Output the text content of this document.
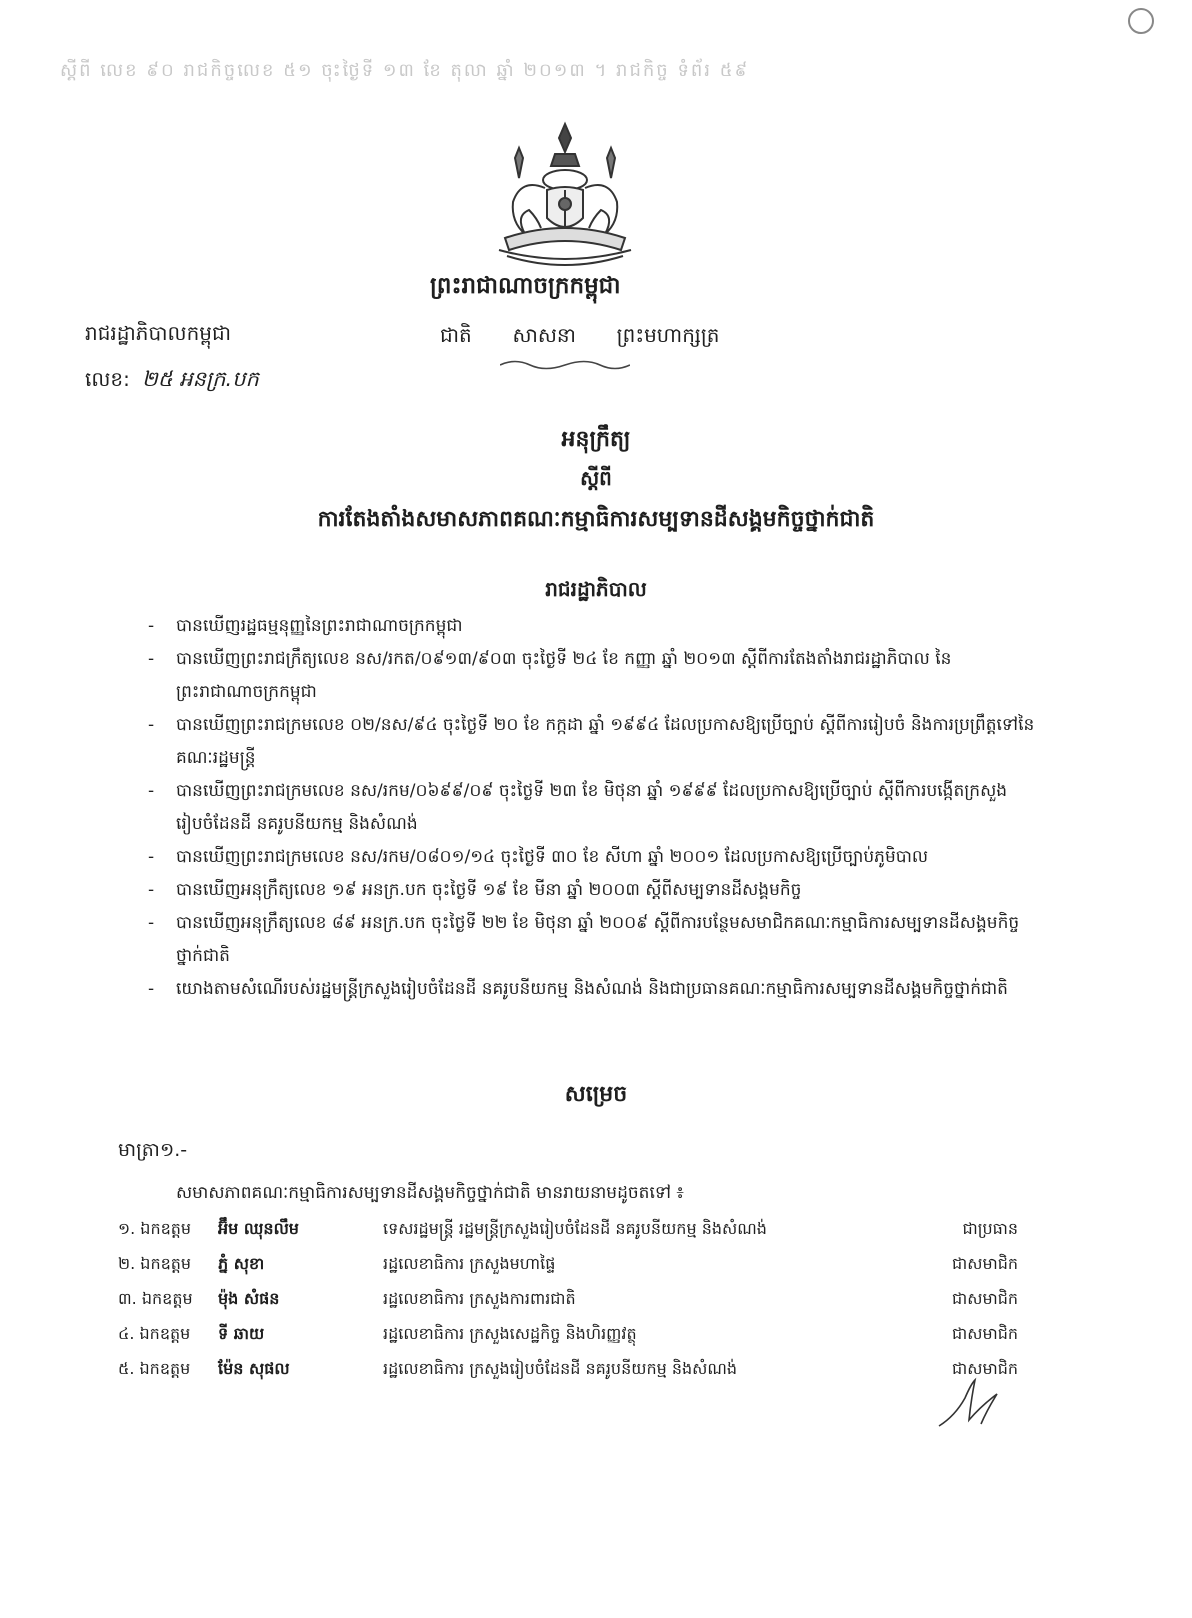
ស្តីពី លេខ ៩០ រាជកិច្ចលេខ ៥១ ចុះថ្ងៃទី ១៣ ខែ តុលា ឆ្នាំ ២០១៣ ។ រាជកិច្ច ទំព័រ ៥៩
ព្រះរាជាណាចក្រកម្ពុជា
ជាតិ សាសនា ព្រះមហាក្សត្រ
រាជរដ្ឋាភិបាលកម្ពុជា
លេខ: ២៥ អនក្រ.បក
អនុក្រឹត្យ
ស្តីពី
ការតែងតាំងសមាសភាពគណៈកម្មាធិការសម្បទានដីសង្គមកិច្ចថ្នាក់ជាតិ
រាជរដ្ឋាភិបាល
- បានឃើញរដ្ឋធម្មនុញ្ញនៃព្រះរាជាណាចក្រកម្ពុជា
- បានឃើញព្រះរាជក្រឹត្យលេខ នស/រកត/០៩១៣/៩០៣ ចុះថ្ងៃទី ២៤ ខែ កញ្ញា ឆ្នាំ ២០១៣ ស្តីពីការតែងតាំងរាជរដ្ឋាភិបាល នៃព្រះរាជាណាចក្រកម្ពុជា
- បានឃើញព្រះរាជក្រមលេខ ០២/នស/៩៤ ចុះថ្ងៃទី ២០ ខែ កក្កដា ឆ្នាំ ១៩៩៤ ដែលប្រកាសឱ្យប្រើច្បាប់ ស្តីពីការរៀបចំ និងការប្រព្រឹត្តទៅនៃគណៈរដ្ឋមន្ត្រី
- បានឃើញព្រះរាជក្រមលេខ នស/រកម/០៦៩៩/០៩ ចុះថ្ងៃទី ២៣ ខែ មិថុនា ឆ្នាំ ១៩៩៩ ដែលប្រកាសឱ្យប្រើច្បាប់ ស្តីពីការបង្កើតក្រសួងរៀបចំដែនដី នគរូបនីយកម្ម និងសំណង់
- បានឃើញព្រះរាជក្រមលេខ នស/រកម/០៨០១/១៤ ចុះថ្ងៃទី ៣០ ខែ សីហា ឆ្នាំ ២០០១ ដែលប្រកាសឱ្យប្រើច្បាប់ភូមិបាល
- បានឃើញអនុក្រឹត្យលេខ ១៩ អនក្រ.បក ចុះថ្ងៃទី ១៩ ខែ មីនា ឆ្នាំ ២០០៣ ស្តីពីសម្បទានដីសង្គមកិច្ច
- បានឃើញអនុក្រឹត្យលេខ ៨៩ អនក្រ.បក ចុះថ្ងៃទី ២២ ខែ មិថុនា ឆ្នាំ ២០០៩ ស្តីពីការបន្ថែមសមាជិកគណៈកម្មាធិការសម្បទានដីសង្គមកិច្ចថ្នាក់ជាតិ
- យោងតាមសំណើរបស់រដ្ឋមន្ត្រីក្រសួងរៀបចំដែនដី នគរូបនីយកម្ម និងសំណង់ និងជាប្រធានគណៈកម្មាធិការសម្បទានដីសង្គមកិច្ចថ្នាក់ជាតិ
សម្រេច
មាត្រា១.-
សមាសភាពគណៈកម្មាធិការសម្បទានដីសង្គមកិច្ចថ្នាក់ជាតិ មានរាយនាមដូចតទៅ ៖
១. ឯកឧត្តម	អ៊ឹម ឈុនលឹម	ទេសរដ្ឋមន្ត្រី រដ្ឋមន្ត្រីក្រសួងរៀបចំដែនដី នគរូបនីយកម្ម និងសំណង់	ជាប្រធាន
២. ឯកឧត្តម	ភ្នំ សុខា	រដ្ឋលេខាធិការ ក្រសួងមហាផ្ទៃ	ជាសមាជិក
៣. ឯកឧត្តម	ម៉ុង សំផន	រដ្ឋលេខាធិការ ក្រសួងការពារជាតិ	ជាសមាជិក
៤. ឯកឧត្តម	ទី ឆាយ	រដ្ឋលេខាធិការ ក្រសួងសេដ្ឋកិច្ច និងហិរញ្ញវត្ថុ	ជាសមាជិក
៥. ឯកឧត្តម	ម៉ែន សុផល	រដ្ឋលេខាធិការ ក្រសួងរៀបចំដែនដី នគរូបនីយកម្ម និងសំណង់	ជាសមាជិក
